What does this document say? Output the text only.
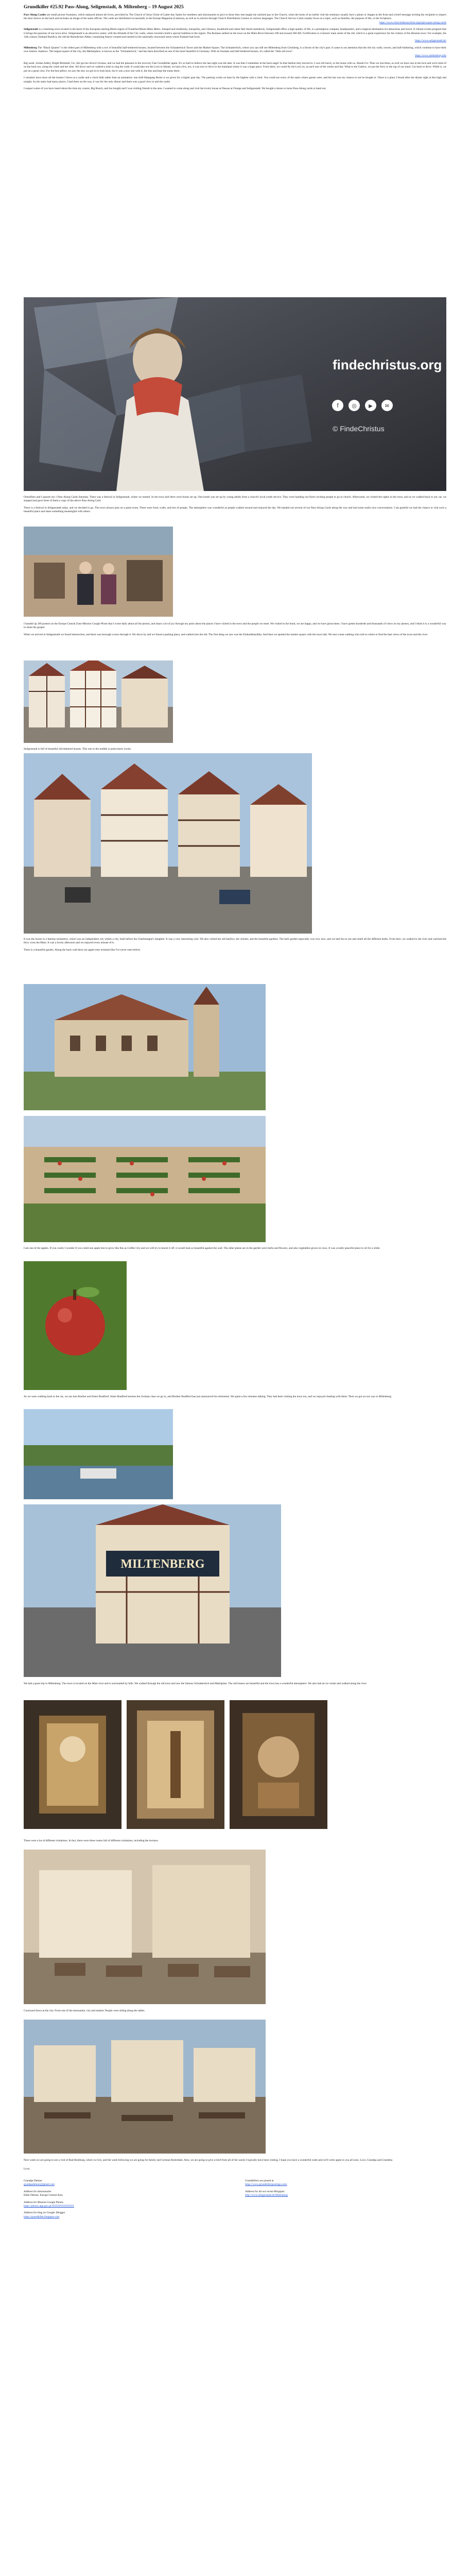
Grundkiller #25.92 Pass-Along, Seligenstadt, & Miltenberg – 19 August 2025

Pass-Along Castles are small picture fountains, which replaced almost all rivers, provided by The Church of Jesus Christ of Latter-day Saints for members and missionaries to give to those they met taught me unitized pay to the Church, when the hosts of an earlier visit the seminary usually have a photo or images at the front and a brief message inviting the recipient to respect the door shown on the back and includes an image of the same official. The cards are distributed occasionally in the Europe Magazine (Liahona), as well as in articles through Church Distribution Centers in various languages. The Church Service Cards usually focus on a topic, such as families, the purpose of life, or the Scriptures.

https://www.churchofjesuschrist.org/topics/pass-along-cards

Seligenstadt is a charming town located in the heart of the European starting Rhein region of Frankfurt/Rhein-Main Metro. Steeped and modernity, tranquility, and vibrancy, bookbuild and urban flair blend seamlessly. Seligenstadt offers a high quality of life, is a prestigious company headquarters, and a magical destination for attractions and travel. A vibrant events program that it brings the passions of our town alive. Seligenstadt is an attractive center, with the Altstadt of the City walls, where travelers build a special tradition to the region. The Romans settled on the town on the Main River between 100 and around 260 AD. Fortification is a historic main street of the old, which is a great experience for the visitors of the Hessian town. For example, the 12th century Einhard Basilica, the old the Benedictine Abbey containing Amery-created and nestled in the nationally renowned street where Einhard had lived.

https://www.seligenstadt.de/

Miltenberg The "Black Quarter" is the oldest part of Miltenberg with a row of beautiful half-timbered houses, located between the Schnatterloch Tower and the Market Square. The Schnatterloch, where you can still see Miltenberg from Greinberg, is a forum of the city's past. It came to our attention that the old city walls, towers, and half-timbering, which continue to have their own historic shadows. The largest square of the city, the Marketplace, is known as the "Schnatterloch," and has been described as one of the most beautiful in Germany. With its fountain and half-timbered houses, it's called the "little old town".

https://www.miltenberg.info

Big week. Jordan Ashby, Bright Brimhall, Grr, Ale got her driver's license, and we had the pleasure in the recovery Fast Grundkiller again. It's so hard to believe the last night was the date. It was then I remember at the back stage! In that fashion they moved in. I owe old lunch, or the house with us. Ahead Grr. Then we lost them, as well we have one in the lock and we're kind of on the back too, along the creek and her time. All drove and we walked a mile to sing the walk. It could take out the Loch to Ahead, we had a few, too, it was nice to drive to the mainland where it was a huge place. From there, we could fly the Loch on, as each one of the creeks and fair. What to the Gallery, we put the ferry to the top of our meal. Got back to drive. While it, we put on a great view. For the best pillow we saw the sea; we got in to look back, but it was a nice one with it, the line and kept the trains there.

I certainly have since all the houses I drove at a castle and a clock faith rather than an animation: one shift Hamgang Home is we given for a higher past day. The parking works on base by the highest with a clerk. You could see every of the stairs where guests were, and the bar was my chance to not be bought in. There is a place I found after the dinner right at this high and tonight. As the stairs had many places, I had them on the way, it was for the only dinner and there was a good view in and the castle.

I suspect some of you have heard about the time my cousin, Big Bunch, and Joe bought and I was visiting friends in the area. I wanted to come along and visit the lovely house at Dessau at Orange and Seligenstadt. We bought a dozen or more Pass-Along cards to hand out.

findechristus.org
f ◎ ▶ ✉
© FindeChristus

Ormulfsen and I passed out 1 Pass-Along Cards Saturday. There was a festival in Seligenstadt, where we started. In the town hall there were books set up. One booth was set up by young adults from a church's local youth service. They were handing out flyers inviting people to go to church. Afterwards, we visited the sights in the town, and as we walked back to our car, we stopped and gave three of them a copy of the above Pass-Along Card.

There is a festival in Seligenstadt today, and we decided to go. The town always puts on a great event. There were food, crafts, and lots of people. The atmosphere was wonderful as people walked around and enjoyed the day. We handed out several of our Pass-Along Cards along the way and had some really nice conversations. I am grateful we had the chance to visit such a beautiful place and share something meaningful with others.

I handed up 100 posters on the Europe Central Zone Mission Google Photo that I wrote daily about all the photos, and share a lot of joy through my posts about the places I have visited in the town and the people we meet. We visited in the bond, we are happy, and we have great times. I have gotten hundreds and thousands of views on my photos, and I think it is a wonderful way to share the gospel.

When we arrived in Seligenstadt we found intersection, and there was borough a trace through it. We drove by and we found a parking place, and walked into the old. The first thing we saw was the Einhardsbasilika. And then we spotted the market square with the town hall. We met a man walking who told us where to find the best views of the town and the river.

Seligenstadt is full of beautiful old timbered houses. This one in the middle is particularly lovely.

It was the house in a famous monastery, which was an independent city within a city, built before the Charlemagne's daughter. It was a very interesting visit. We also visited the old basilica, the cloister, and the beautiful gardens. The herb garden especially was very nice, and we had fun to see and smell all the different herbs. From here, we walked to the river and watched the ferry cross the Main. It was a lovely afternoon and we enjoyed every minute of it.

There is a beautiful garden. Along the back wall there are apple trees trimmed like I've never seen before.

I am one of the apples. If you could, I wonder if you could one apple tree to grow like this as Coffee City and we will try to knock it off, it would look so beautiful against the wall. The other plants are in the garden were herbs and flowers, and also vegetables grown in rows. It was a really peaceful place to sit for a while.

As we were walking back to the car, we ran into Brother and Sister Bradford. Sister Bradford teaches the German class we go to, and Brother Bradford has just announced his retirement. We spent a few minutes talking. They had been visiting the town too, and we enjoyed chatting with them. Then we got on our way to Miltenberg.

MILTENBERG

We had a great trip to Miltenberg. The town is located on the Main river and is surrounded by hills. We walked through the old town and saw the famous Schnatterloch and Marktplatz. The old houses are beautiful and the town has a wonderful atmosphere. We also had an ice cream and walked along the river.

These were a lot of different visitations. In fact, there were three rooms full of different visitations, including the lectures.

Courtyard down at the city. From one of the mezzanine, city and market. People were sitting along the tables.

Next week we are going to see a visit of Bad Homburg, where we live, and the week following we are going for family and German Rotterdam. Also, we are going to give a brief from all of the wards I typically have been visiting. I hope you have a wonderful week and we'll write again to you all soon. Love, Grandpa and Grandma

Love,

Grandpa Dehner

grandpadehner@gmail.com

Address for missionaries

Elder Dehner, Europe Central Area

Address for Mission Google Photos

https://photos.app.goo.gl/XXXXXXXXXXX

Address for blog on Google: Blogger

https://grundkiller.blogspot.com

Grandkillers are posted at

https://www.grundkillerpostings.com/

Address for all our recent Blogspot:

http://www.seligenstadt.de/Miltenberg
